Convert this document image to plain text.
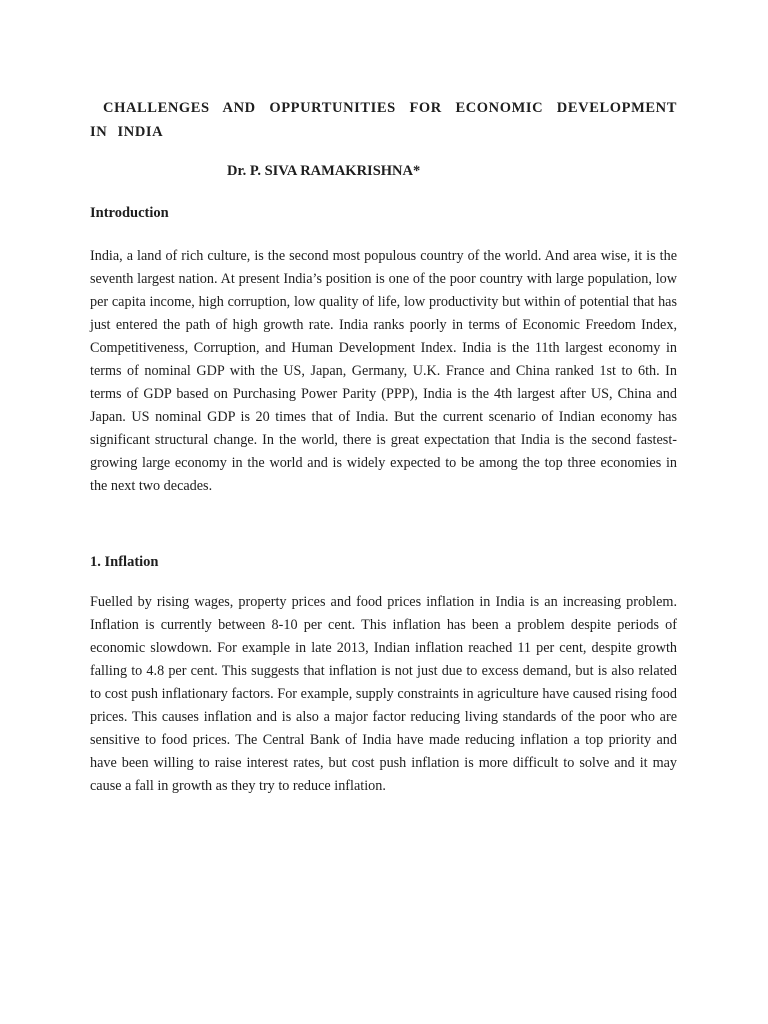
CHALLENGES AND OPPURTUNITIES FOR ECONOMIC DEVELOPMENT IN INDIA

Dr. P. SIVA RAMAKRISHNA*

Introduction

India, a land of rich culture, is the second most populous country of the world. And area wise, it is the seventh largest nation. At present India’s position is one of the poor country with large population, low per capita income, high corruption, low quality of life, low productivity but within of potential that has just entered the path of high growth rate. India ranks poorly in terms of Economic Freedom Index, Competitiveness, Corruption, and Human Development Index. India is the 11th largest economy in terms of nominal GDP with the US, Japan, Germany, U.K. France and China ranked 1st to 6th. In terms of GDP based on Purchasing Power Parity (PPP), India is the 4th largest after US, China and Japan. US nominal GDP is 20 times that of India. But the current scenario of Indian economy has significant structural change. In the world, there is great expectation that India is the second fastest- growing large economy in the world and is widely expected to be among the top three economies in the next two decades.

1. Inflation

Fuelled by rising wages, property prices and food prices inflation in India is an increasing problem. Inflation is currently between 8-10 per cent. This inflation has been a problem despite periods of economic slowdown. For example in late 2013, Indian inflation reached 11 per cent, despite growth falling to 4.8 per cent. This suggests that inflation is not just due to excess demand, but is also related to cost push inflationary factors. For example, supply constraints in agriculture have caused rising food prices. This causes inflation and is also a major factor reducing living standards of the poor who are sensitive to food prices. The Central Bank of India have made reducing inflation a top priority and have been willing to raise interest rates, but cost push inflation is more difficult to solve and it may cause a fall in growth as they try to reduce inflation.
